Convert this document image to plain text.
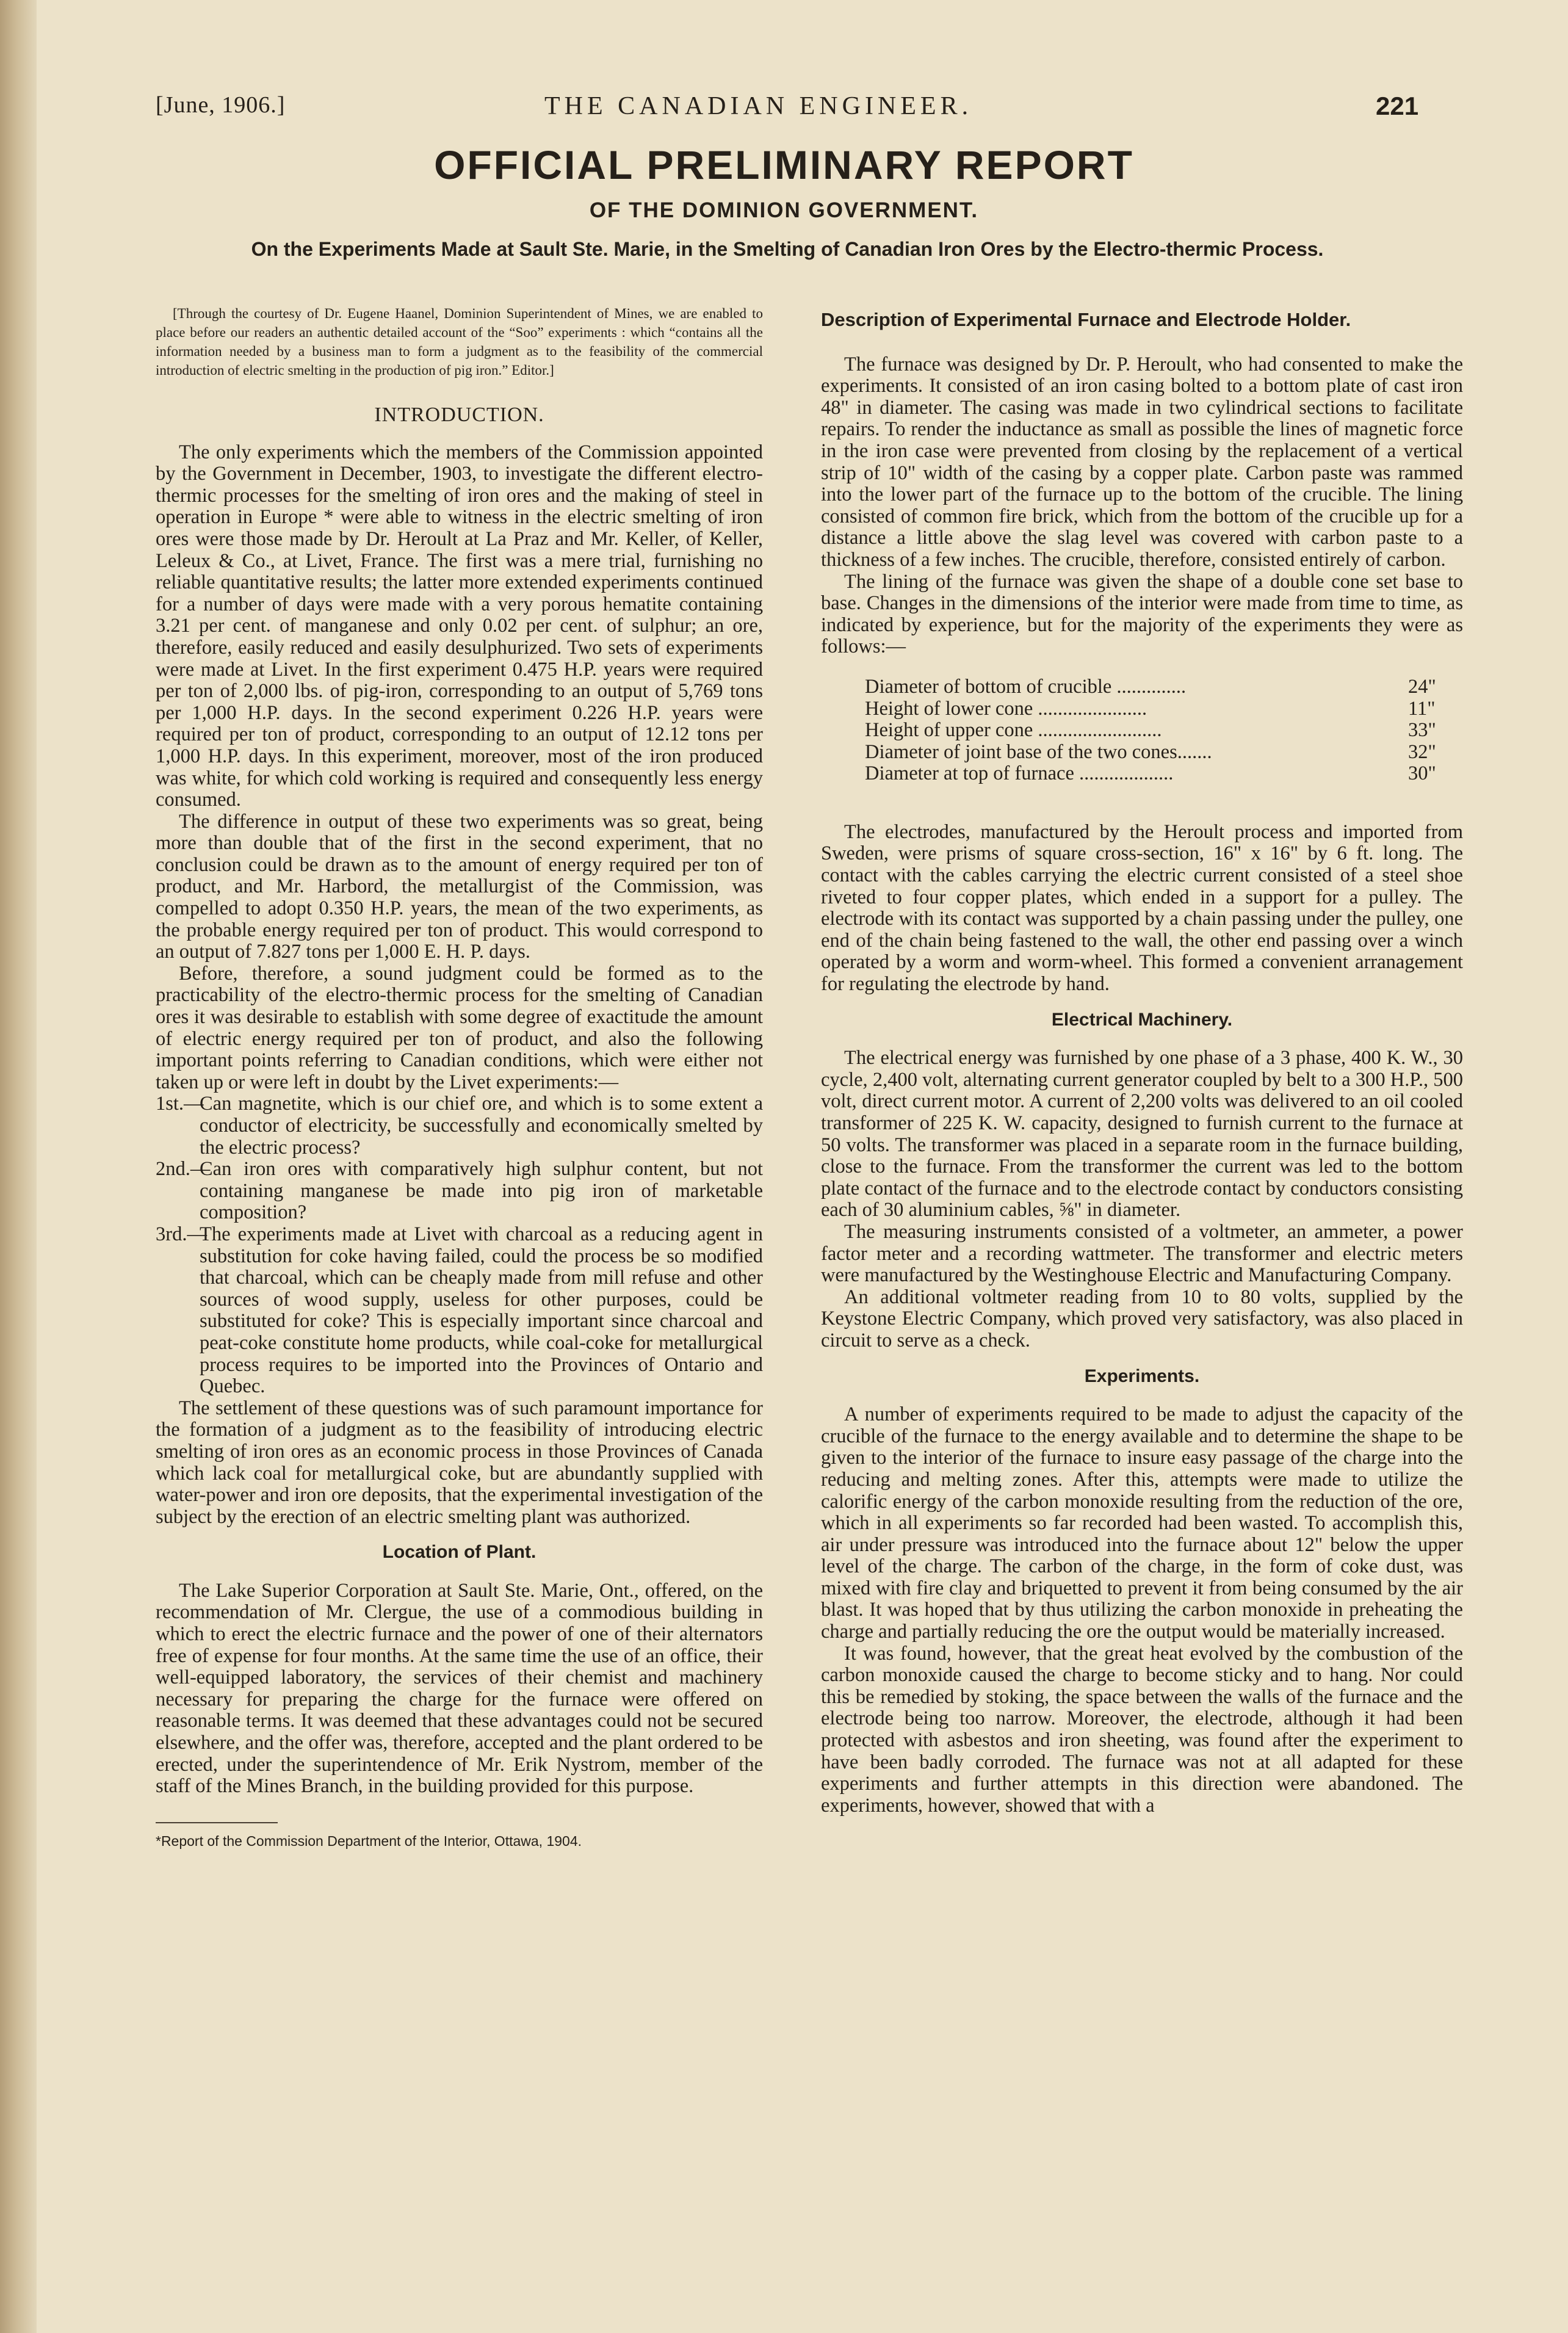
[June, 1906.]	THE CANADIAN ENGINEER.	221
OFFICIAL PRELIMINARY REPORT
OF THE DOMINION GOVERNMENT.
On the Experiments Made at Sault Ste. Marie, in the Smelting of Canadian Iron Ores by the Electro-thermic Process.

[Through the courtesy of Dr. Eugene Haanel, Dominion Superintendent of Mines, we are enabled to place before our readers an authentic detailed account of the “Soo” experiments : which “contains all the information needed by a business man to form a judgment as to the feasibility of the commercial introduction of electric smelting in the production of pig iron.” Editor.]

INTRODUCTION.

The only experiments which the members of the Commission appointed by the Government in December, 1903, to investigate the different electro-thermic processes for the smelting of iron ores and the making of steel in operation in Europe * were able to witness in the electric smelting of iron ores were those made by Dr. Heroult at La Praz and Mr. Keller, of Keller, Leleux & Co., at Livet, France. The first was a mere trial, furnishing no reliable quantitative results; the latter more extended experiments continued for a number of days were made with a very porous hematite containing 3.21 per cent. of manganese and only 0.02 per cent. of sulphur; an ore, therefore, easily reduced and easily desulphurized. Two sets of experiments were made at Livet. In the first experiment 0.475 H.P. years were required per ton of 2,000 lbs. of pig-iron, corresponding to an output of 5,769 tons per 1,000 H.P. days. In the second experiment 0.226 H.P. years were required per ton of product, corresponding to an output of 12.12 tons per 1,000 H.P. days. In this experiment, moreover, most of the iron produced was white, for which cold working is required and consequently less energy consumed.

The difference in output of these two experiments was so great, being more than double that of the first in the second experiment, that no conclusion could be drawn as to the amount of energy required per ton of product, and Mr. Harbord, the metallurgist of the Commission, was compelled to adopt 0.350 H.P. years, the mean of the two experiments, as the probable energy required per ton of product. This would correspond to an output of 7.827 tons per 1,000 E. H. P. days.

Before, therefore, a sound judgment could be formed as to the practicability of the electro-thermic process for the smelting of Canadian ores it was desirable to establish with some degree of exactitude the amount of electric energy required per ton of product, and also the following important points referring to Canadian conditions, which were either not taken up or were left in doubt by the Livet experiments:—

1st.—
Can magnetite, which is our chief ore, and which is to some extent a conductor of electricity, be successfully and economically smelted by the electric process?

2nd.—
Can iron ores with comparatively high sulphur content, but not containing manganese be made into pig iron of marketable composition?

3rd.—
The experiments made at Livet with charcoal as a reducing agent in substitution for coke having failed, could the process be so modified that charcoal, which can be cheaply made from mill refuse and other sources of wood supply, useless for other purposes, could be substituted for coke? This is especially important since charcoal and peat-coke constitute home products, while coal-coke for metallurgical process requires to be imported into the Provinces of Ontario and Quebec.

The settlement of these questions was of such paramount importance for the formation of a judgment as to the feasibility of introducing electric smelting of iron ores as an economic process in those Provinces of Canada which lack coal for metallurgical coke, but are abundantly supplied with water-power and iron ore deposits, that the experimental investigation of the subject by the erection of an electric smelting plant was authorized.

Location of Plant.

The Lake Superior Corporation at Sault Ste. Marie, Ont., offered, on the recommendation of Mr. Clergue, the use of a commodious building in which to erect the electric furnace and the power of one of their alternators free of expense for four months. At the same time the use of an office, their well-equipped laboratory, the services of their chemist and machinery necessary for preparing the charge for the furnace were offered on reasonable terms. It was deemed that these advantages could not be secured elsewhere, and the offer was, therefore, accepted and the plant ordered to be erected, under the superintendence of Mr. Erik Nystrom, member of the staff of the Mines Branch, in the building provided for this purpose.

*Report of the Commission Department of the Interior, Ottawa, 1904.
Description of Experimental Furnace and Electrode Holder.

The furnace was designed by Dr. P. Heroult, who had consented to make the experiments. It consisted of an iron casing bolted to a bottom plate of cast iron 48" in diameter. The casing was made in two cylindrical sections to facilitate repairs. To render the inductance as small as possible the lines of magnetic force in the iron case were prevented from closing by the replacement of a vertical strip of 10" width of the casing by a copper plate. Carbon paste was rammed into the lower part of the furnace up to the bottom of the crucible. The lining consisted of common fire brick, which from the bottom of the crucible up for a distance a little above the slag level was covered with carbon paste to a thickness of a few inches. The crucible, therefore, consisted entirely of carbon.

The lining of the furnace was given the shape of a double cone set base to base. Changes in the dimensions of the interior were made from time to time, as indicated by experience, but for the majority of the experiments they were as follows:—

Diameter of bottom of crucible ..............	24"
Height of lower cone ......................	11"
Height of upper cone .........................	33"
Diameter of joint base of the two cones.......	32"
Diameter at top of furnace ...................	30"

The electrodes, manufactured by the Heroult process and imported from Sweden, were prisms of square cross-section, 16" x 16" by 6 ft. long. The contact with the cables carrying the electric current consisted of a steel shoe riveted to four copper plates, which ended in a support for a pulley. The electrode with its contact was supported by a chain passing under the pulley, one end of the chain being fastened to the wall, the other end passing over a winch operated by a worm and worm-wheel. This formed a convenient arranagement for regulating the electrode by hand.

Electrical Machinery.

The electrical energy was furnished by one phase of a 3 phase, 400 K. W., 30 cycle, 2,400 volt, alternating current generator coupled by belt to a 300 H.P., 500 volt, direct current motor. A current of 2,200 volts was delivered to an oil cooled transformer of 225 K. W. capacity, designed to furnish current to the furnace at 50 volts. The transformer was placed in a separate room in the furnace building, close to the furnace. From the transformer the current was led to the bottom plate contact of the furnace and to the electrode contact by conductors consisting each of 30 aluminium cables, ⅝" in diameter.

The measuring instruments consisted of a voltmeter, an ammeter, a power factor meter and a recording wattmeter. The transformer and electric meters were manufactured by the Westinghouse Electric and Manufacturing Company.

An additional voltmeter reading from 10 to 80 volts, supplied by the Keystone Electric Company, which proved very satisfactory, was also placed in circuit to serve as a check.

Experiments.

A number of experiments required to be made to adjust the capacity of the crucible of the furnace to the energy available and to determine the shape to be given to the interior of the furnace to insure easy passage of the charge into the reducing and melting zones. After this, attempts were made to utilize the calorific energy of the carbon monoxide resulting from the reduction of the ore, which in all experiments so far recorded had been wasted. To accomplish this, air under pressure was introduced into the furnace about 12" below the upper level of the charge. The carbon of the charge, in the form of coke dust, was mixed with fire clay and briquetted to prevent it from being consumed by the air blast. It was hoped that by thus utilizing the carbon monoxide in preheating the charge and partially reducing the ore the output would be materially increased.

It was found, however, that the great heat evolved by the combustion of the carbon monoxide caused the charge to become sticky and to hang. Nor could this be remedied by stoking, the space between the walls of the furnace and the electrode being too narrow. Moreover, the electrode, although it had been protected with asbestos and iron sheeting, was found after the experiment to have been badly corroded. The furnace was not at all adapted for these experiments and further attempts in this direction were abandoned. The experiments, however, showed that with a
